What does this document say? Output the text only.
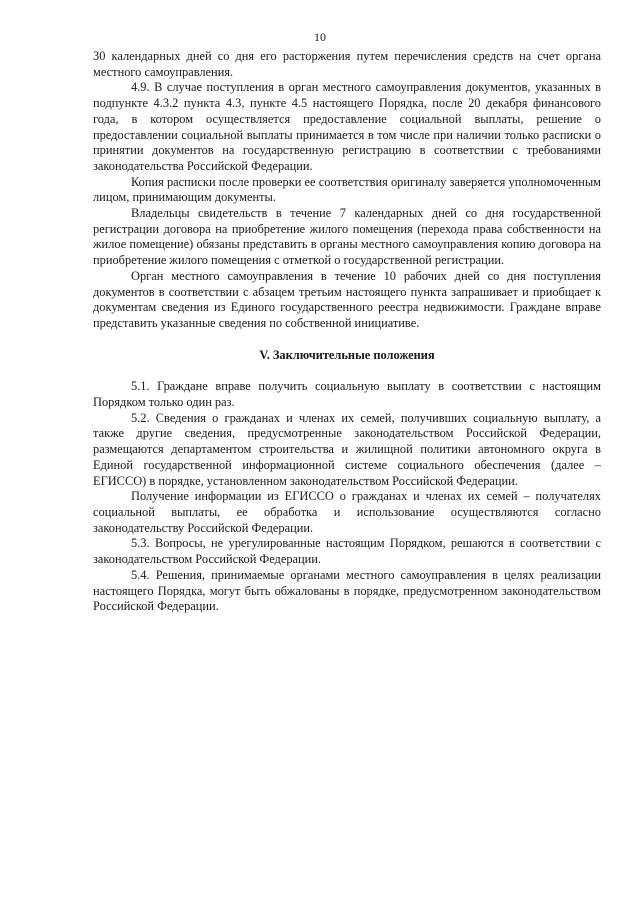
10

30 календарных дней со дня его расторжения путем перечисления средств на счет органа местного самоуправления.

4.9. В случае поступления в орган местного самоуправления документов, указанных в подпункте 4.3.2 пункта 4.3, пункте 4.5 настоящего Порядка, после 20 декабря финансового года, в котором осуществляется предоставление социальной выплаты, решение о предоставлении социальной выплаты принимается в том числе при наличии только расписки о принятии документов на государственную регистрацию в соответствии с требованиями законодательства Российской Федерации.

Копия расписки после проверки ее соответствия оригиналу заверяется уполномоченным лицом, принимающим документы.

Владельцы свидетельств в течение 7 календарных дней со дня государственной регистрации договора на приобретение жилого помещения (перехода права собственности на жилое помещение) обязаны представить в органы местного самоуправления копию договора на приобретение жилого помещения с отметкой о государственной регистрации.

Орган местного самоуправления в течение 10 рабочих дней со дня поступления документов в соответствии с абзацем третьим настоящего пункта запрашивает и приобщает к документам сведения из Единого государственного реестра недвижимости. Граждане вправе представить указанные сведения по собственной инициативе.

V. Заключительные положения

5.1. Граждане вправе получить социальную выплату в соответствии с настоящим Порядком только один раз.

5.2. Сведения о гражданах и членах их семей, получивших социальную выплату, а также другие сведения, предусмотренные законодательством Российской Федерации, размещаются департаментом строительства и жилищной политики автономного округа в Единой государственной информационной системе социального обеспечения (далее – ЕГИССО) в порядке, установленном законодательством Российской Федерации.

Получение информации из ЕГИССО о гражданах и членах их семей – получателях социальной выплаты, ее обработка и использование осуществляются согласно законодательству Российской Федерации.

5.3. Вопросы, не урегулированные настоящим Порядком, решаются в соответствии с законодательством Российской Федерации.

5.4. Решения, принимаемые органами местного самоуправления в целях реализации настоящего Порядка, могут быть обжалованы в порядке, предусмотренном законодательством Российской Федерации.
